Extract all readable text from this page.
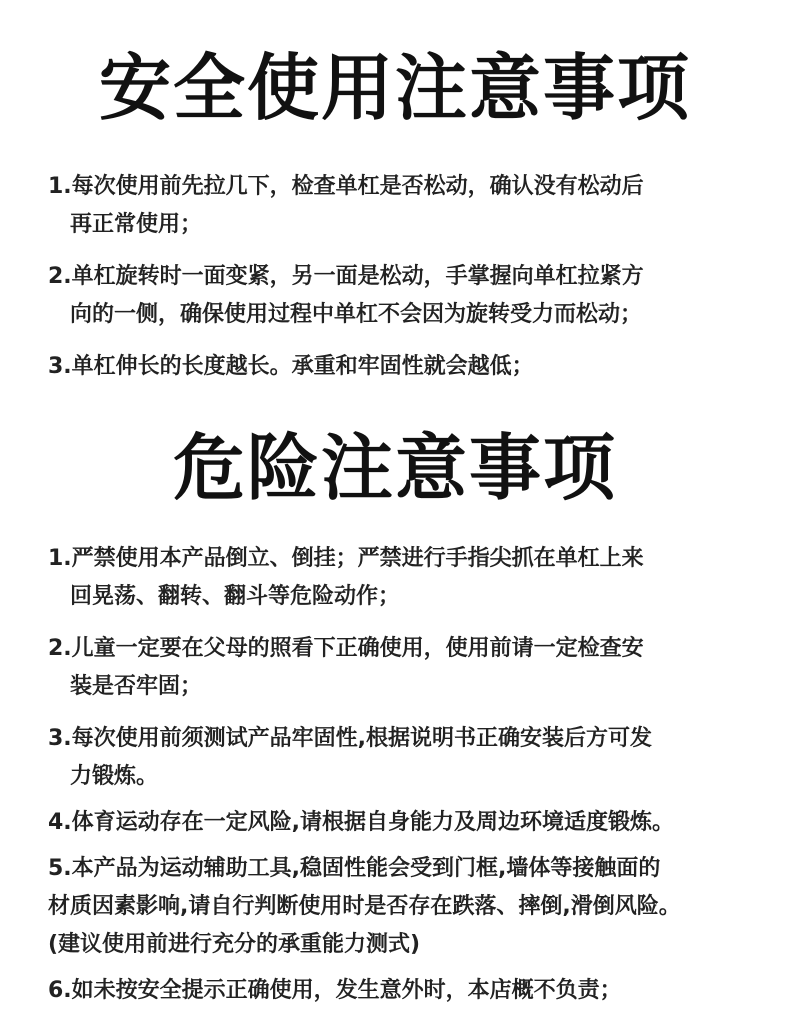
安全使用注意事项
1.每次使用前先拉几下，检查单杠是否松动，确认没有松动后
再正常使用；
2.单杠旋转时一面变紧，另一面是松动，手掌握向单杠拉紧方
向的一侧，确保使用过程中单杠不会因为旋转受力而松动；
3.单杠伸长的长度越长。承重和牢固性就会越低；
危险注意事项
1.严禁使用本产品倒立、倒挂；严禁进行手指尖抓在单杠上来
回晃荡、翻转、翻斗等危险动作；
2.儿童一定要在父母的照看下正确使用，使用前请一定检查安
装是否牢固；
3.每次使用前须测试产品牢固性,根据说明书正确安装后方可发
力锻炼。
4.体育运动存在一定风险,请根据自身能力及周边环境适度锻炼。
5.本产品为运动辅助工具,稳固性能会受到门框,墙体等接触面的
材质因素影响,请自行判断使用时是否存在跌落、摔倒,滑倒风险。
(建议使用前进行充分的承重能力测式)
6.如未按安全提示正确使用，发生意外时，本店概不负责；
